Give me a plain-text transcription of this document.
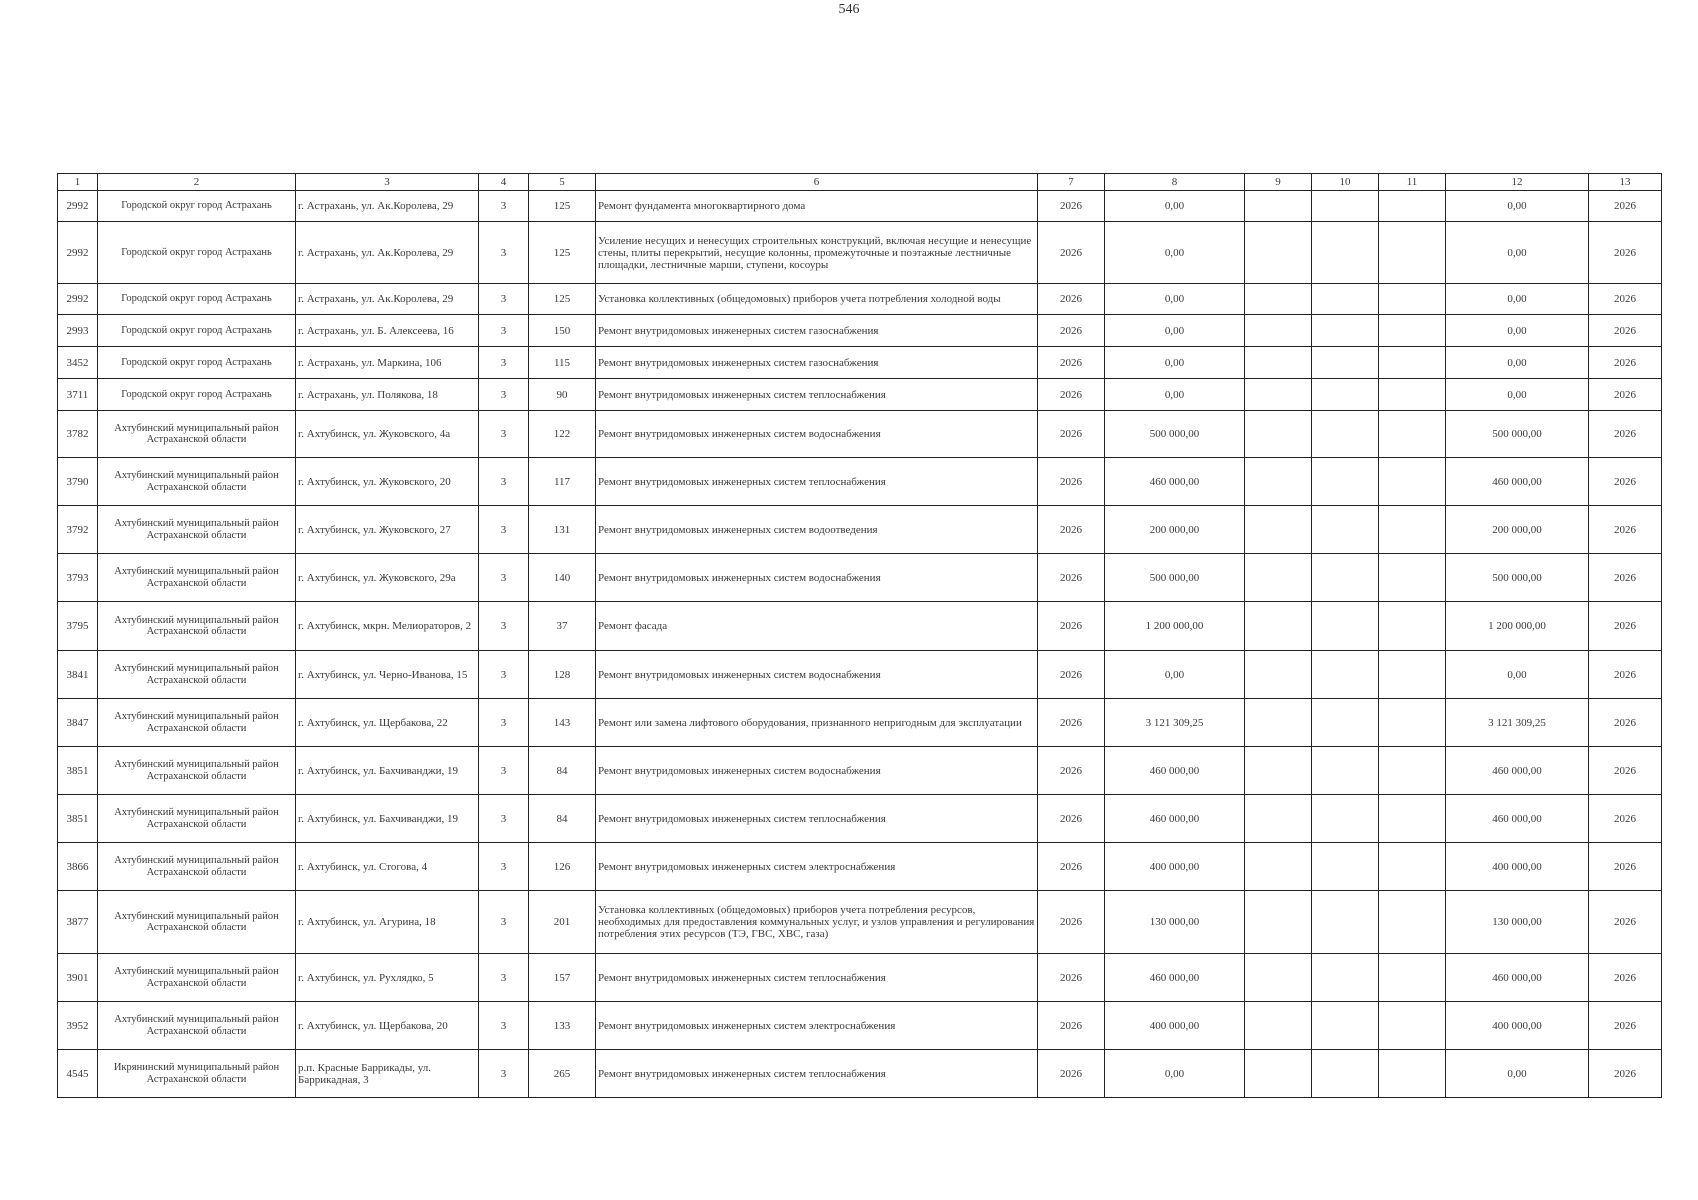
546
1	2	3	4	5	6	7	8	9	10	11	12	13
2992	Городской округ город Астрахань	г. Астрахань, ул. Ак.Королева, 29	3	125	Ремонт фундамента многоквартирного дома	2026	0,00				0,00	2026
2992	Городской округ город Астрахань	г. Астрахань, ул. Ак.Королева, 29	3	125	Усиление несущих и ненесущих строительных конструкций, включая несущие и ненесущие стены, плиты перекрытий, несущие колонны, промежуточные и поэтажные лестничные площадки, лестничные марши, ступени, косоуры	2026	0,00				0,00	2026
2992	Городской округ город Астрахань	г. Астрахань, ул. Ак.Королева, 29	3	125	Установка коллективных (общедомовых) приборов учета потребления холодной воды	2026	0,00				0,00	2026
2993	Городской округ город Астрахань	г. Астрахань, ул. Б. Алексеева, 16	3	150	Ремонт внутридомовых инженерных систем газоснабжения	2026	0,00				0,00	2026
3452	Городской округ город Астрахань	г. Астрахань, ул. Маркина, 106	3	115	Ремонт внутридомовых инженерных систем газоснабжения	2026	0,00				0,00	2026
3711	Городской округ город Астрахань	г. Астрахань, ул. Полякова, 18	3	90	Ремонт внутридомовых инженерных систем теплоснабжения	2026	0,00				0,00	2026
3782	Ахтубинский муниципальный район Астраханской области	г. Ахтубинск, ул. Жуковского, 4а	3	122	Ремонт внутридомовых инженерных систем водоснабжения	2026	500 000,00				500 000,00	2026
3790	Ахтубинский муниципальный район Астраханской области	г. Ахтубинск, ул. Жуковского, 20	3	117	Ремонт внутридомовых инженерных систем теплоснабжения	2026	460 000,00				460 000,00	2026
3792	Ахтубинский муниципальный район Астраханской области	г. Ахтубинск, ул. Жуковского, 27	3	131	Ремонт внутридомовых инженерных систем водоотведения	2026	200 000,00				200 000,00	2026
3793	Ахтубинский муниципальный район Астраханской области	г. Ахтубинск, ул. Жуковского, 29а	3	140	Ремонт внутридомовых инженерных систем водоснабжения	2026	500 000,00				500 000,00	2026
3795	Ахтубинский муниципальный район Астраханской области	г. Ахтубинск, мкрн. Мелиораторов, 2	3	37	Ремонт фасада	2026	1 200 000,00				1 200 000,00	2026
3841	Ахтубинский муниципальный район Астраханской области	г. Ахтубинск, ул. Черно-Иванова, 15	3	128	Ремонт внутридомовых инженерных систем водоснабжения	2026	0,00				0,00	2026
3847	Ахтубинский муниципальный район Астраханской области	г. Ахтубинск, ул. Щербакова, 22	3	143	Ремонт или замена лифтового оборудования, признанного непригодным для эксплуатации	2026	3 121 309,25				3 121 309,25	2026
3851	Ахтубинский муниципальный район Астраханской области	г. Ахтубинск, ул. Бахчиванджи, 19	3	84	Ремонт внутридомовых инженерных систем водоснабжения	2026	460 000,00				460 000,00	2026
3851	Ахтубинский муниципальный район Астраханской области	г. Ахтубинск, ул. Бахчиванджи, 19	3	84	Ремонт внутридомовых инженерных систем теплоснабжения	2026	460 000,00				460 000,00	2026
3866	Ахтубинский муниципальный район Астраханской области	г. Ахтубинск, ул. Стогова, 4	3	126	Ремонт внутридомовых инженерных систем электроснабжения	2026	400 000,00				400 000,00	2026
3877	Ахтубинский муниципальный район Астраханской области	г. Ахтубинск, ул. Агурина, 18	3	201	Установка коллективных (общедомовых) приборов учета потребления ресурсов, необходимых для предоставления коммунальных услуг, и узлов управления и регулирования потребления этих ресурсов (ТЭ, ГВС, ХВС, газа)	2026	130 000,00				130 000,00	2026
3901	Ахтубинский муниципальный район Астраханской области	г. Ахтубинск, ул. Рухлядко, 5	3	157	Ремонт внутридомовых инженерных систем теплоснабжения	2026	460 000,00				460 000,00	2026
3952	Ахтубинский муниципальный район Астраханской области	г. Ахтубинск, ул. Щербакова, 20	3	133	Ремонт внутридомовых инженерных систем электроснабжения	2026	400 000,00				400 000,00	2026
4545	Икрянинский муниципальный район Астраханской области	р.п. Красные Баррикады, ул. Баррикадная, 3	3	265	Ремонт внутридомовых инженерных систем теплоснабжения	2026	0,00				0,00	2026
